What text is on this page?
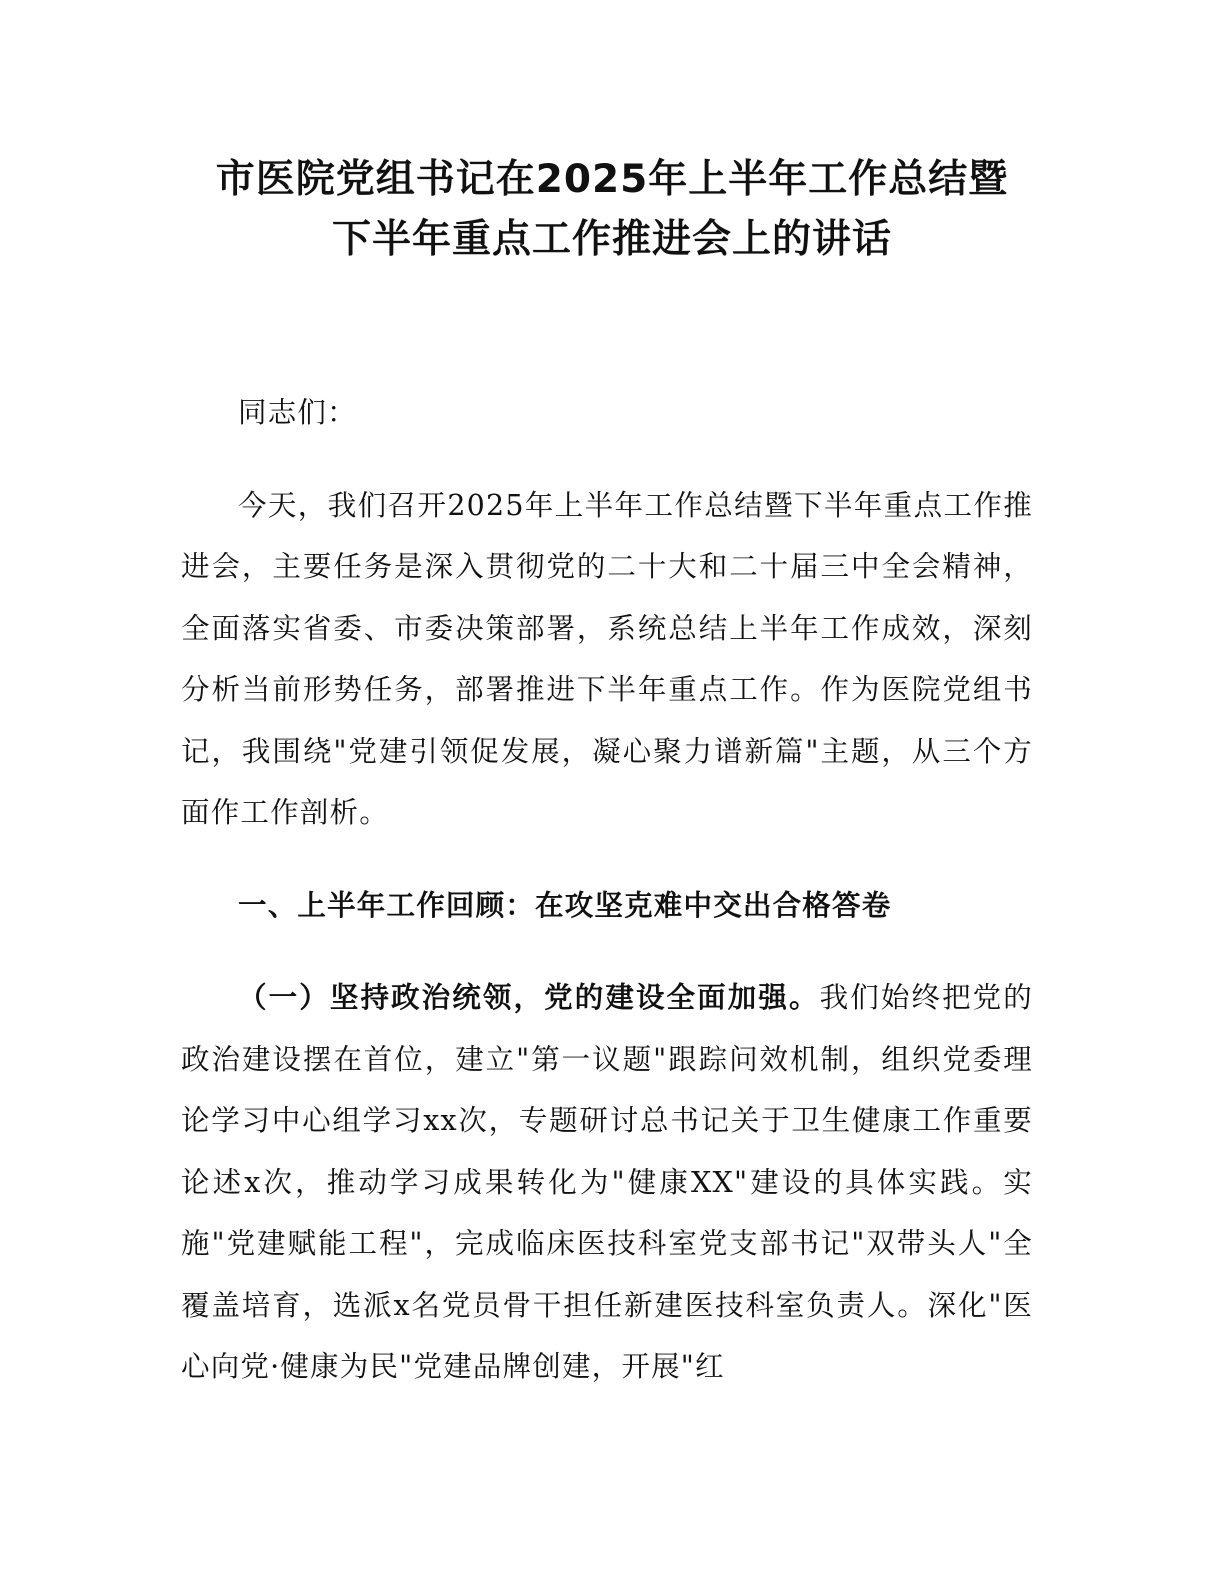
市医院党组书记在2025年上半年工作总结暨
下半年重点工作推进会上的讲话

同志们：

今天，我们召开2025年上半年工作总结暨下半年重点工作推进会，主要任务是深入贯彻党的二十大和二十届三中全会精神，全面落实省委、市委决策部署，系统总结上半年工作成效，深刻分析当前形势任务，部署推进下半年重点工作。作为医院党组书记，我围绕"党建引领促发展，凝心聚力谱新篇"主题，从三个方面作工作剖析。

一、上半年工作回顾：在攻坚克难中交出合格答卷

（一）坚持政治统领，党的建设全面加强。我们始终把党的政治建设摆在首位，建立"第一议题"跟踪问效机制，组织党委理论学习中心组学习xx次，专题研讨总书记关于卫生健康工作重要论述x次，推动学习成果转化为"健康XX"建设的具体实践。实施"党建赋能工程"，完成临床医技科室党支部书记"双带头人"全覆盖培育，选派x名党员骨干担任新建医技科室负责人。深化"医心向党·健康为民"党建品牌创建，开展"红
